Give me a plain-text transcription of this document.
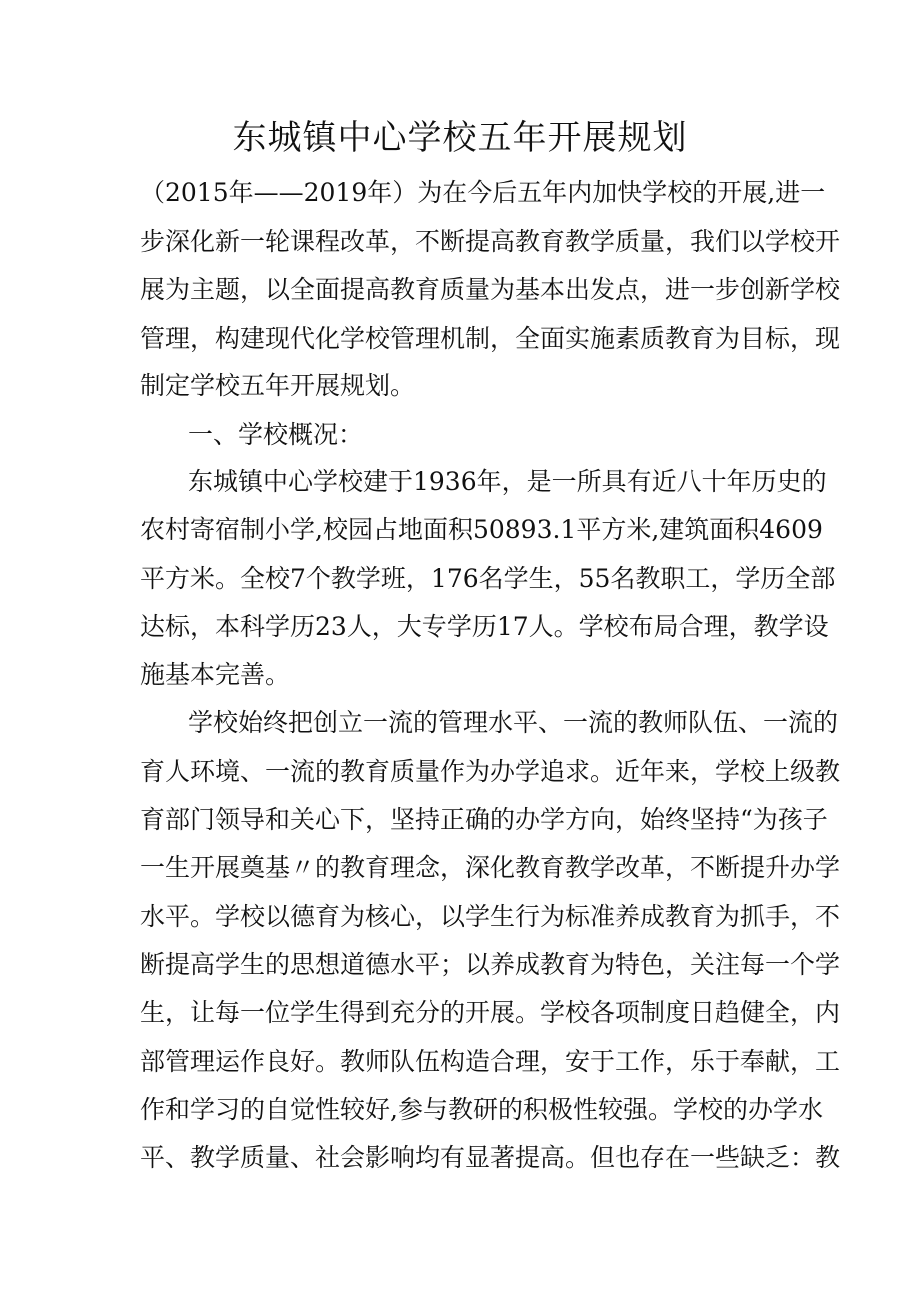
东城镇中心学校五年开展规划
（2015年——2019年）为在今后五年内加快学校的开展,进一
步深化新一轮课程改革，不断提高教育教学质量，我们以学校开
展为主题，以全面提高教育质量为基本出发点，进一步创新学校
管理，构建现代化学校管理机制，全面实施素质教育为目标，现
制定学校五年开展规划。
一、学校概况：
东城镇中心学校建于1936年，是一所具有近八十年历史的
农村寄宿制小学,校园占地面积50893.1平方米,建筑面积4609
平方米。全校7个教学班，176名学生，55名教职工，学历全部
达标，本科学历23人，大专学历17人。学校布局合理，教学设
施基本完善。
学校始终把创立一流的管理水平、一流的教师队伍、一流的
育人环境、一流的教育质量作为办学追求。近年来，学校上级教
育部门领导和关心下，坚持正确的办学方向，始终坚持“为孩子
一生开展奠基〃的教育理念，深化教育教学改革，不断提升办学
水平。学校以德育为核心，以学生行为标准养成教育为抓手，不
断提高学生的思想道德水平；以养成教育为特色，关注每一个学
生，让每一位学生得到充分的开展。学校各项制度日趋健全，内
部管理运作良好。教师队伍构造合理，安于工作，乐于奉献，工
作和学习的自觉性较好,参与教研的积极性较强。学校的办学水
平、教学质量、社会影响均有显著提高。但也存在一些缺乏：教
